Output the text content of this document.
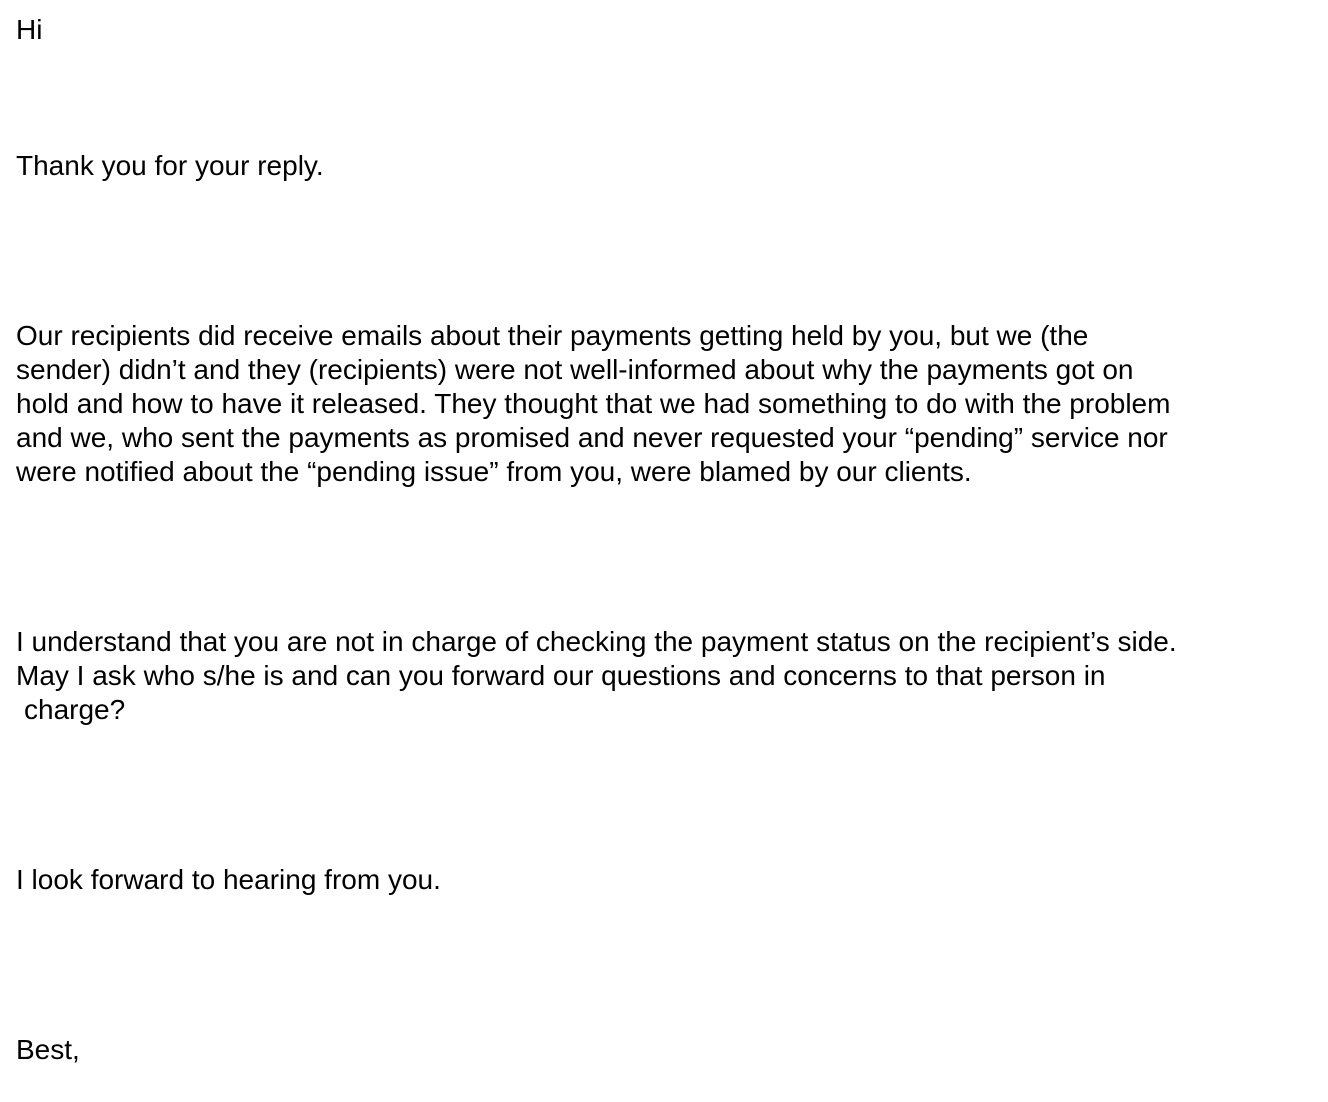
Hi

Thank you for your reply.

Our recipients did receive emails about their payments getting held by you, but we (the
sender) didn’t and they (recipients) were not well-informed about why the payments got on
hold and how to have it released. They thought that we had something to do with the problem
and we, who sent the payments as promised and never requested your “pending” service nor
were notified about the “pending issue” from you, were blamed by our clients.

I understand that you are not in charge of checking the payment status on the recipient’s side.
May I ask who s/he is and can you forward our questions and concerns to that person in
charge?

I look forward to hearing from you.

Best,
